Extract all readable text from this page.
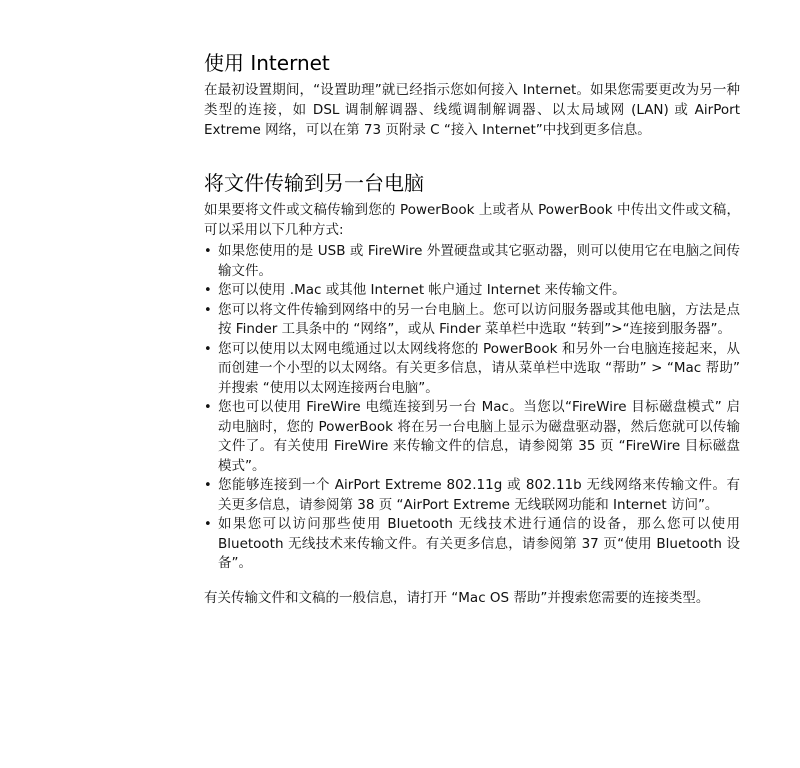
使用 Internet

在最初设置期间，“设置助理”就已经指示您如何接入 Internet。如果您需要更改为另一种类型的连接，如 DSL 调制解调器、线缆调制解调器、以太局域网 (LAN) 或 AirPort Extreme 网络，可以在第 73 页附录 C “接入 Internet”中找到更多信息。

将文件传输到另一台电脑

如果要将文件或文稿传输到您的 PowerBook 上或者从 PowerBook 中传出文件或文稿，可以采用以下几种方式:

• 如果您使用的是 USB 或 FireWire 外置硬盘或其它驱动器，则可以使用它在电脑之间传输文件。
• 您可以使用 .Mac 或其他 Internet 帐户通过 Internet 来传输文件。
• 您可以将文件传输到网络中的另一台电脑上。您可以访问服务器或其他电脑，方法是点按 Finder 工具条中的 “网络”，或从 Finder 菜单栏中选取 “转到”>“连接到服务器”。
• 您可以使用以太网电缆通过以太网线将您的 PowerBook 和另外一台电脑连接起来，从而创建一个小型的以太网络。有关更多信息，请从菜单栏中选取 “帮助” > “Mac 帮助” 并搜索 “使用以太网连接两台电脑”。
• 您也可以使用 FireWire 电缆连接到另一台 Mac。当您以“FireWire 目标磁盘模式” 启动电脑时，您的 PowerBook 将在另一台电脑上显示为磁盘驱动器，然后您就可以传输文件了。有关使用 FireWire 来传输文件的信息，请参阅第 35 页 “FireWire 目标磁盘模式”。
• 您能够连接到一个 AirPort Extreme 802.11g 或 802.11b 无线网络来传输文件。有关更多信息，请参阅第 38 页 “AirPort Extreme 无线联网功能和 Internet 访问”。
• 如果您可以访问那些使用 Bluetooth 无线技术进行通信的设备，那么您可以使用 Bluetooth 无线技术来传输文件。有关更多信息，请参阅第 37 页“使用 Bluetooth 设备”。

有关传输文件和文稿的一般信息，请打开 “Mac OS 帮助”并搜索您需要的连接类型。
